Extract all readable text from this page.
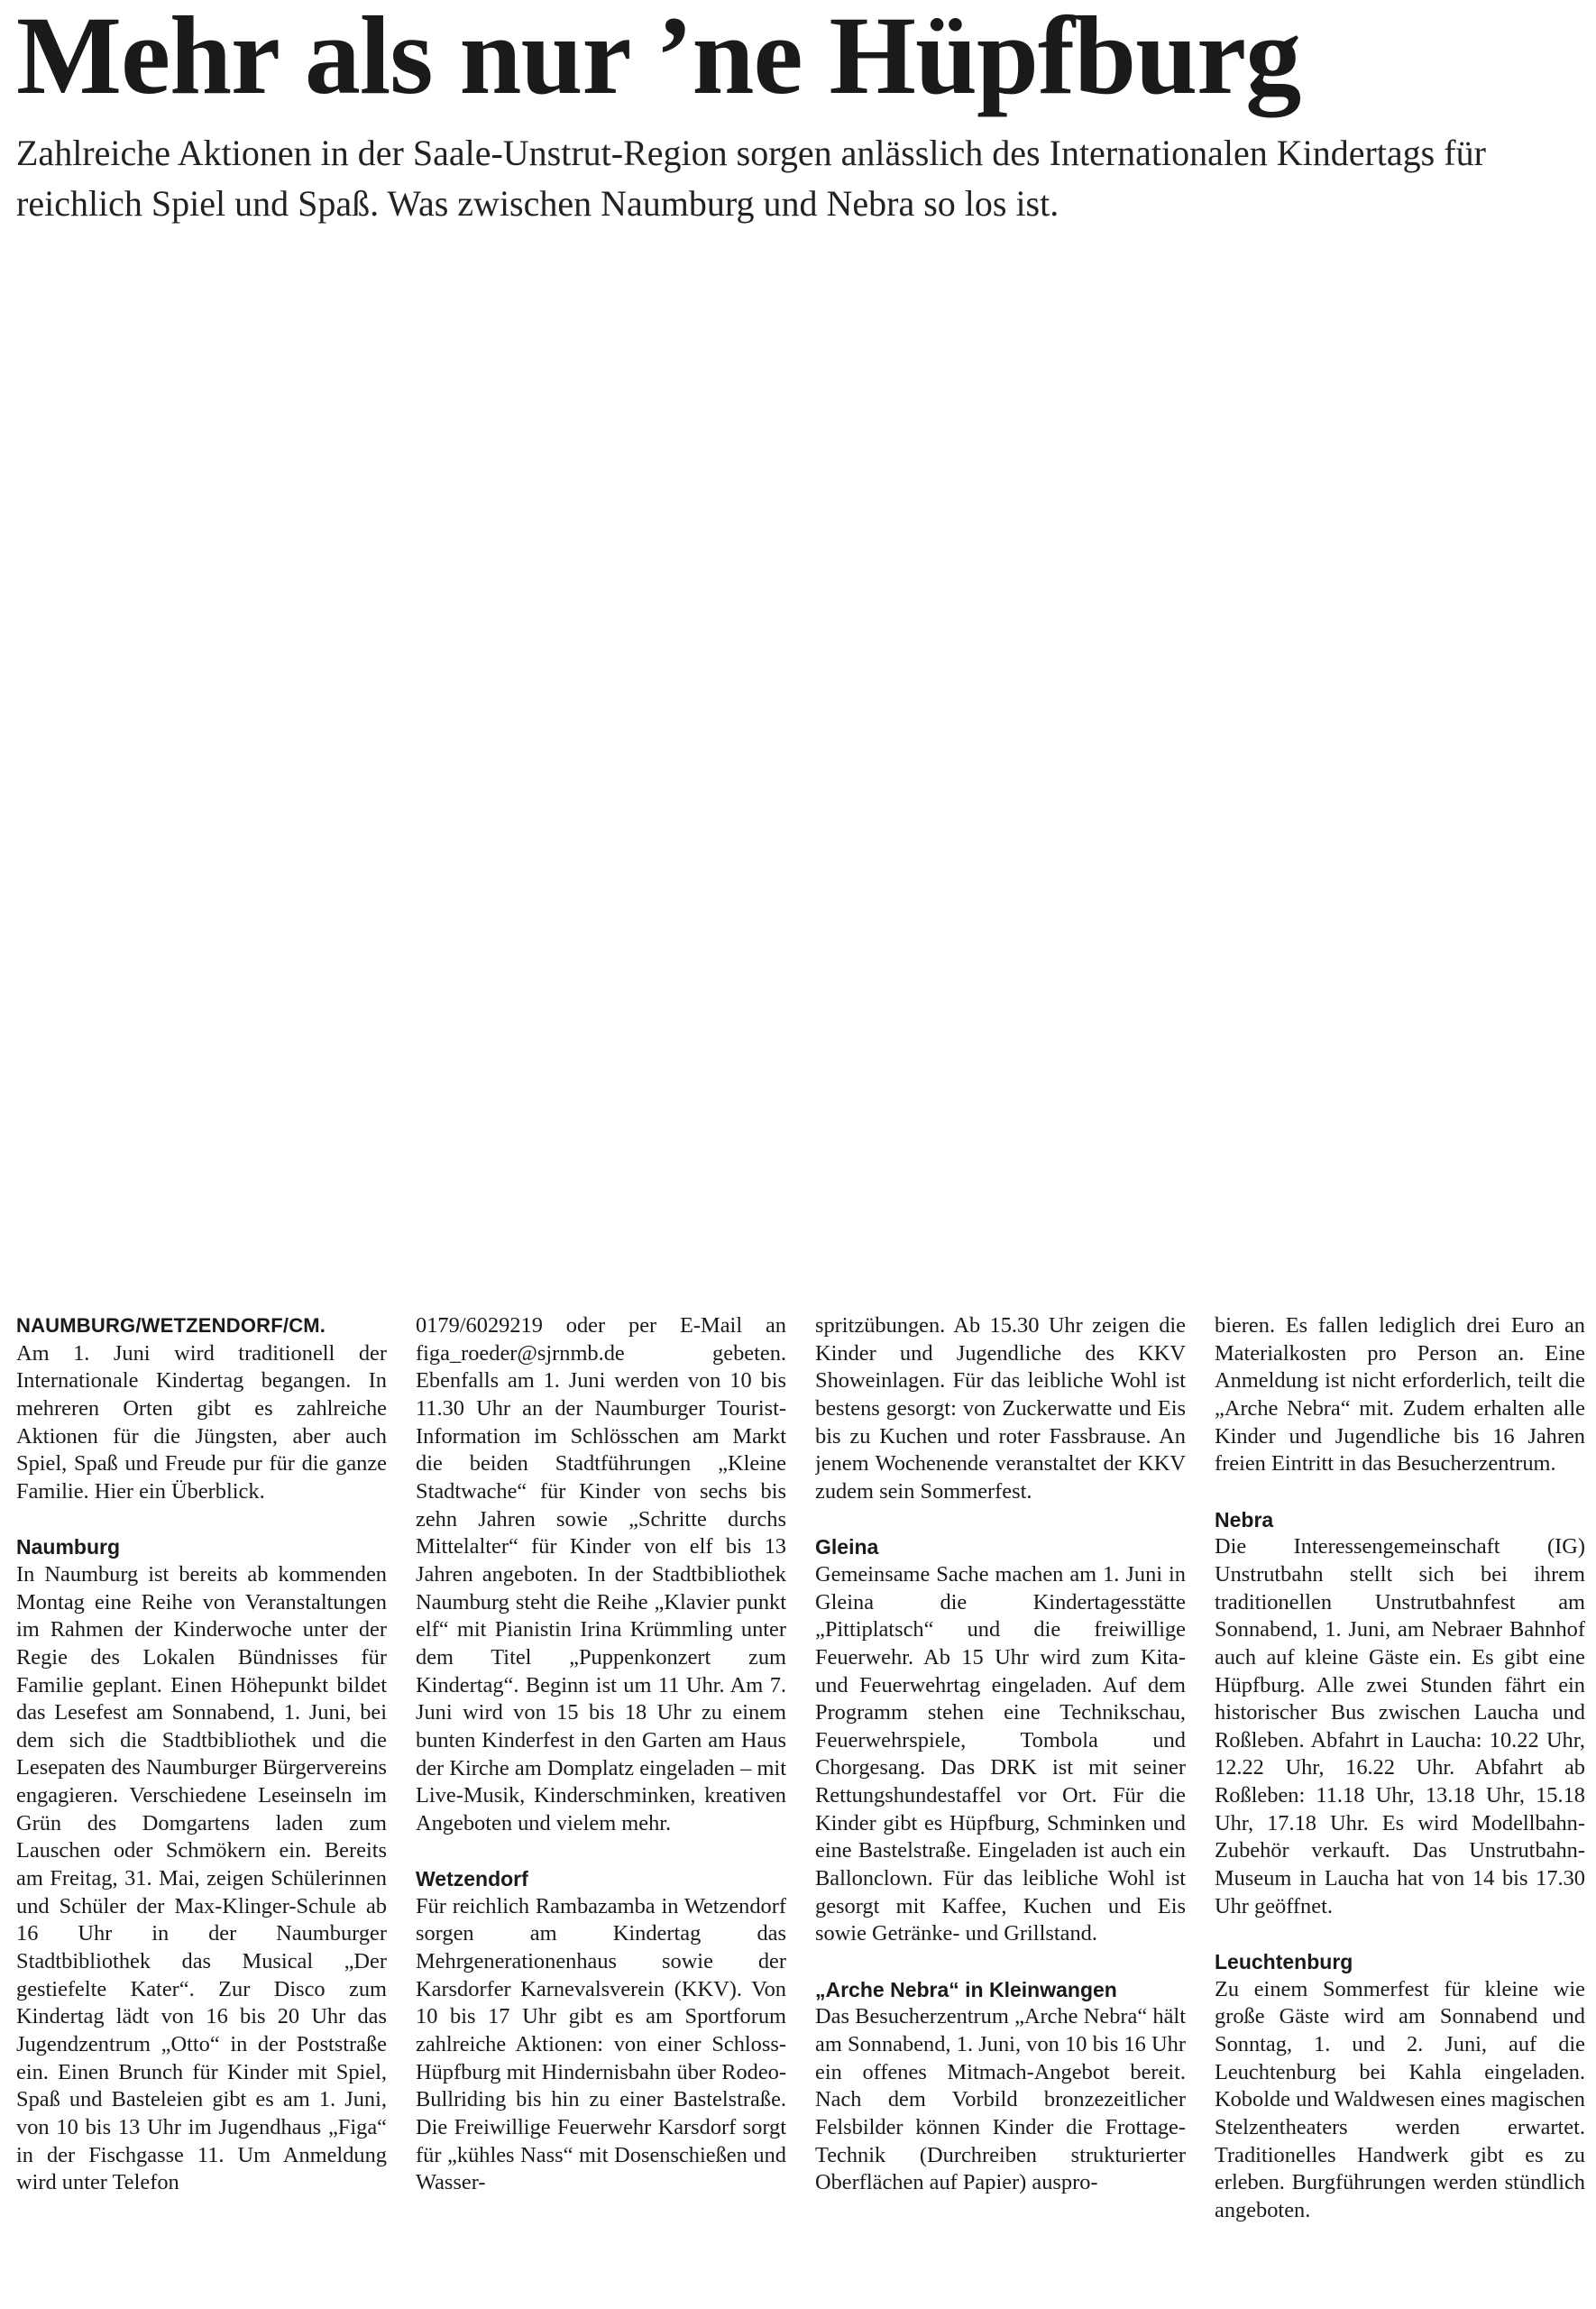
Mehr als nur ’ne Hüpfburg

Zahlreiche Aktionen in der Saale-Unstrut-Region sorgen anlässlich des Internationalen Kindertags für reichlich Spiel und Spaß. Was zwischen Naumburg und Nebra so los ist.

NAUMBURG/WETZENDORF/CM.

Am 1. Juni wird traditionell der Internationale Kindertag begangen. In mehreren Orten gibt es zahlreiche Aktionen für die Jüngsten, aber auch Spiel, Spaß und Freude pur für die ganze Familie. Hier ein Überblick.

Naumburg

In Naumburg ist bereits ab kommenden Montag eine Reihe von Veranstaltungen im Rahmen der Kinderwoche unter der Regie des Lokalen Bündnisses für Familie geplant. Einen Höhepunkt bildet das Lesefest am Sonnabend, 1. Juni, bei dem sich die Stadtbibliothek und die Lesepaten des Naumburger Bürgervereins engagieren. Verschiedene Leseinseln im Grün des Domgartens laden zum Lauschen oder Schmökern ein. Bereits am Freitag, 31. Mai, zeigen Schülerinnen und Schüler der Max-Klinger-Schule ab 16 Uhr in der Naumburger Stadtbibliothek das Musical „Der gestiefelte Kater“. Zur Disco zum Kindertag lädt von 16 bis 20 Uhr das Jugendzentrum „Otto“ in der Poststraße ein. Einen Brunch für Kinder mit Spiel, Spaß und Basteleien gibt es am 1. Juni, von 10 bis 13 Uhr im Jugendhaus „Figa“ in der Fischgasse 11. Um Anmeldung wird unter Telefon

0179/6029219 oder per E-Mail an figa_roeder@sjrnmb.de gebeten. Ebenfalls am 1. Juni werden von 10 bis 11.30 Uhr an der Naumburger Tourist-Information im Schlösschen am Markt die beiden Stadtführungen „Kleine Stadtwache“ für Kinder von sechs bis zehn Jahren sowie „Schritte durchs Mittelalter“ für Kinder von elf bis 13 Jahren angeboten. In der Stadtbibliothek Naumburg steht die Reihe „Klavier punkt elf“ mit Pianistin Irina Krümmling unter dem Titel „Puppenkonzert zum Kindertag“. Beginn ist um 11 Uhr. Am 7. Juni wird von 15 bis 18 Uhr zu einem bunten Kinderfest in den Garten am Haus der Kirche am Domplatz eingeladen – mit Live-Musik, Kinderschminken, kreativen Angeboten und vielem mehr.

Wetzendorf

Für reichlich Rambazamba in Wetzendorf sorgen am Kindertag das Mehrgenerationenhaus sowie der Karsdorfer Karnevalsverein (KKV). Von 10 bis 17 Uhr gibt es am Sportforum zahlreiche Aktionen: von einer Schloss-Hüpfburg mit Hindernisbahn über Rodeo-Bullriding bis hin zu einer Bastelstraße. Die Freiwillige Feuerwehr Karsdorf sorgt für „kühles Nass“ mit Dosenschießen und Wasser-

spritzübungen. Ab 15.30 Uhr zeigen die Kinder und Jugendliche des KKV Showeinlagen. Für das leibliche Wohl ist bestens gesorgt: von Zuckerwatte und Eis bis zu Kuchen und roter Fassbrause. An jenem Wochenende veranstaltet der KKV zudem sein Sommerfest.

Gleina

Gemeinsame Sache machen am 1. Juni in Gleina die Kindertagesstätte „Pittiplatsch“ und die freiwillige Feuerwehr. Ab 15 Uhr wird zum Kita- und Feuerwehrtag eingeladen. Auf dem Programm stehen eine Technikschau, Feuerwehrspiele, Tombola und Chorgesang. Das DRK ist mit seiner Rettungshundestaffel vor Ort. Für die Kinder gibt es Hüpfburg, Schminken und eine Bastelstraße. Eingeladen ist auch ein Ballonclown. Für das leibliche Wohl ist gesorgt mit Kaffee, Kuchen und Eis sowie Getränke- und Grillstand.

„Arche Nebra“ in Kleinwangen

Das Besucherzentrum „Arche Nebra“ hält am Sonnabend, 1. Juni, von 10 bis 16 Uhr ein offenes Mitmach-Angebot bereit. Nach dem Vorbild bronzezeitlicher Felsbilder können Kinder die Frottage-Technik (Durchreiben strukturierter Oberflächen auf Papier) auspro-

bieren. Es fallen lediglich drei Euro an Materialkosten pro Person an. Eine Anmeldung ist nicht erforderlich, teilt die „Arche Nebra“ mit. Zudem erhalten alle Kinder und Jugendliche bis 16 Jahren freien Eintritt in das Besucherzentrum.

Nebra

Die Interessengemeinschaft (IG) Unstrutbahn stellt sich bei ihrem traditionellen Unstrutbahnfest am Sonnabend, 1. Juni, am Nebraer Bahnhof auch auf kleine Gäste ein. Es gibt eine Hüpfburg. Alle zwei Stunden fährt ein historischer Bus zwischen Laucha und Roßleben. Abfahrt in Laucha: 10.22 Uhr, 12.22 Uhr, 16.22 Uhr. Abfahrt ab Roßleben: 11.18 Uhr, 13.18 Uhr, 15.18 Uhr, 17.18 Uhr. Es wird Modellbahn-Zubehör verkauft. Das Unstrutbahn-Museum in Laucha hat von 14 bis 17.30 Uhr geöffnet.

Leuchtenburg

Zu einem Sommerfest für kleine wie große Gäste wird am Sonnabend und Sonntag, 1. und 2. Juni, auf die Leuchtenburg bei Kahla eingeladen. Kobolde und Waldwesen eines magischen Stelzentheaters werden erwartet. Traditionelles Handwerk gibt es zu erleben. Burgführungen werden stündlich angeboten.
